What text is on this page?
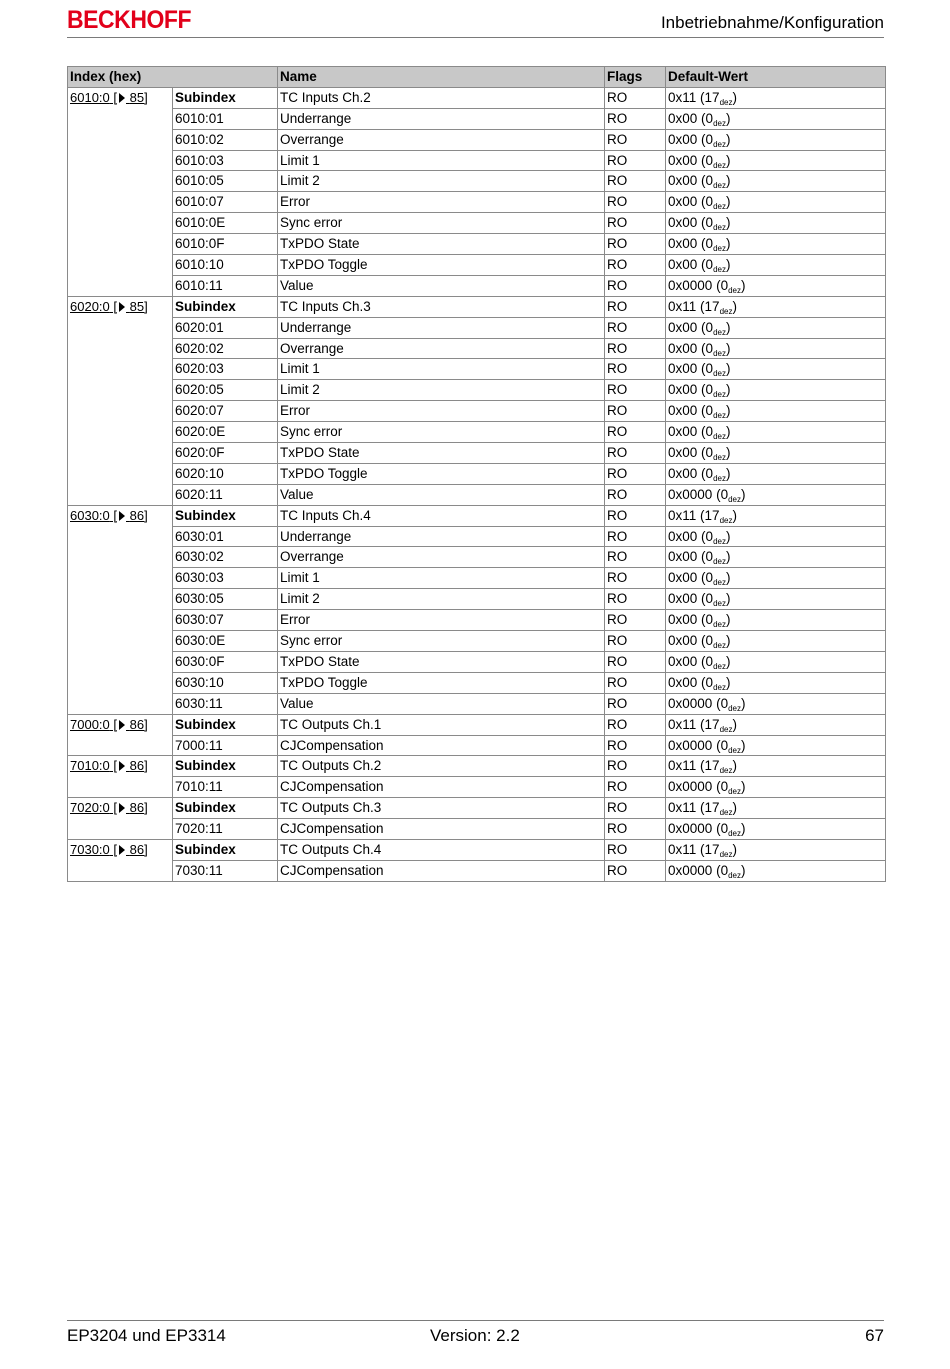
BECKHOFF	Inbetriebnahme/Konfiguration
Index (hex)		Name	Flags	Default-Wert
6010:0 [ 85]	Subindex	TC Inputs Ch.2	RO	0x11 $(17_{dez})$
	6010:01	Underrange	RO	0x00 $(0_{dez})$
	6010:02	Overrange	RO	0x00 $(0_{dez})$
	6010:03	Limit 1	RO	0x00 $(0_{dez})$
	6010:05	Limit 2	RO	0x00 $(0_{dez})$
	6010:07	Error	RO	0x00 $(0_{dez})$
	6010:0E	Sync error	RO	0x00 $(0_{dez})$
	6010:0F	TxPDO State	RO	0x00 $(0_{dez})$
	6010:10	TxPDO Toggle	RO	0x00 $(0_{dez})$
	6010:11	Value	RO	0x0000 $(0_{dez})$
6020:0 [ 85]	Subindex	TC Inputs Ch.3	RO	0x11 $(17_{dez})$
	6020:01	Underrange	RO	0x00 $(0_{dez})$
	6020:02	Overrange	RO	0x00 $(0_{dez})$
	6020:03	Limit 1	RO	0x00 $(0_{dez})$
	6020:05	Limit 2	RO	0x00 $(0_{dez})$
	6020:07	Error	RO	0x00 $(0_{dez})$
	6020:0E	Sync error	RO	0x00 $(0_{dez})$
	6020:0F	TxPDO State	RO	0x00 $(0_{dez})$
	6020:10	TxPDO Toggle	RO	0x00 $(0_{dez})$
	6020:11	Value	RO	0x0000 $(0_{dez})$
6030:0 [ 86]	Subindex	TC Inputs Ch.4	RO	0x11 $(17_{dez})$
	6030:01	Underrange	RO	0x00 $(0_{dez})$
	6030:02	Overrange	RO	0x00 $(0_{dez})$
	6030:03	Limit 1	RO	0x00 $(0_{dez})$
	6030:05	Limit 2	RO	0x00 $(0_{dez})$
	6030:07	Error	RO	0x00 $(0_{dez})$
	6030:0E	Sync error	RO	0x00 $(0_{dez})$
	6030:0F	TxPDO State	RO	0x00 $(0_{dez})$
	6030:10	TxPDO Toggle	RO	0x00 $(0_{dez})$
	6030:11	Value	RO	0x0000 $(0_{dez})$
7000:0 [ 86]	Subindex	TC Outputs Ch.1	RO	0x11 $(17_{dez})$
	7000:11	CJCompensation	RO	0x0000 $(0_{dez})$
7010:0 [ 86]	Subindex	TC Outputs Ch.2	RO	0x11 $(17_{dez})$
	7010:11	CJCompensation	RO	0x0000 $(0_{dez})$
7020:0 [ 86]	Subindex	TC Outputs Ch.3	RO	0x11 $(17_{dez})$
	7020:11	CJCompensation	RO	0x0000 $(0_{dez})$
7030:0 [ 86]	Subindex	TC Outputs Ch.4	RO	0x11 $(17_{dez})$
	7030:11	CJCompensation	RO	0x0000 $(0_{dez})$
EP3204 und EP3314	Version: 2.2	67
